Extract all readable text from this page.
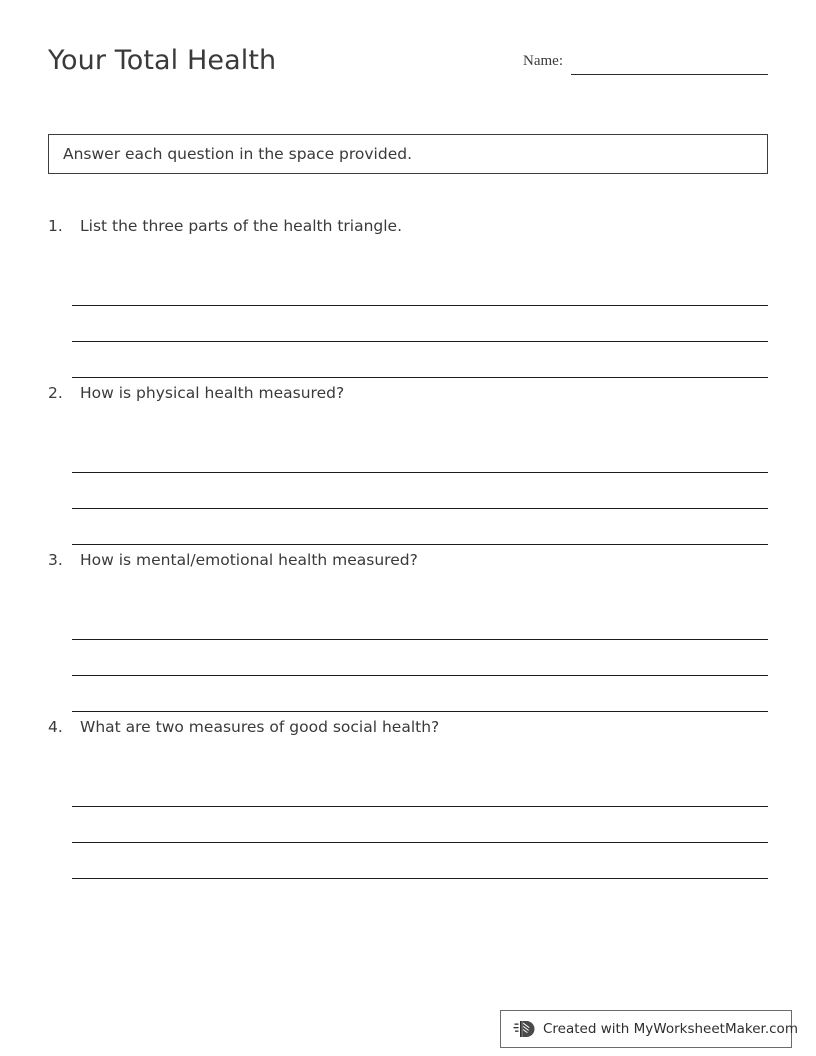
Your Total Health	Name:
Answer each question in the space provided.
1. List the three parts of the health triangle.
2. How is physical health measured?
3. How is mental/emotional health measured?
4. What are two measures of good social health?
Created with MyWorksheetMaker.com
